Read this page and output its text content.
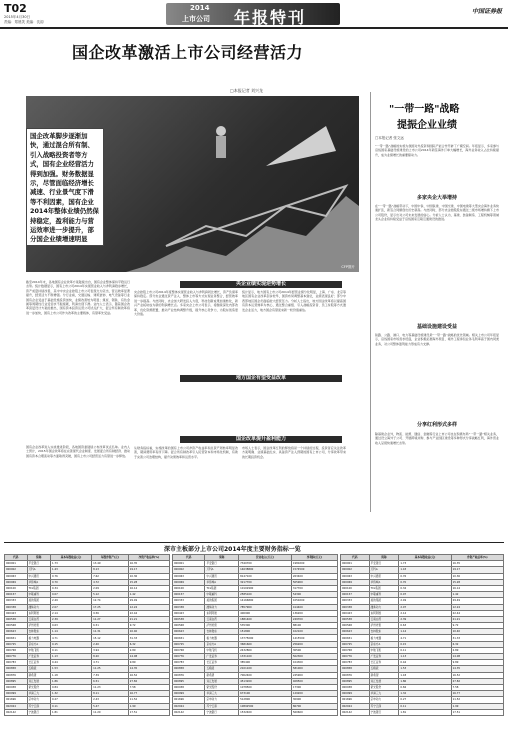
T02
2015年4月30日
责编：郑晨笑 美编：沈韵
2014
上市公司 年报特刊	中国证券报
国企改革激活上市公司经营活力
□本报记者 刘兴龙
CFP图片
国企改革脚步逐渐加快，通过混合所有制、引入战略投资者等方式，国有企业经营活力得到加强。财务数据显示，尽管面临经济增长减速、行业景气度下滑等不利因素，国有企业2014年整体业绩仍然保持稳定，盈利能力与营运效率进一步提升，部分国企业绩增速明显
央企业绩实现逆势增长
截至2014年末，各地国有企业改革方案陆续出台，国有企业整体保持平稳运行态势。统计数据显示，国有上市公司2014年实现营业收入与净利润稳步增长，资产质量持续改善，其中中央企业控股上市公司表现尤为突出，营运效率显著提升，经营活力不断增强。分行业看，交通运输、建筑装饰、电气设备等行业国有企业受益于基础设施投资加快，业绩改善较为明显；煤炭、钢铁、有色金属等周期性行业受需求不振拖累，利润出现下滑。业内人士表示，随着国企改革顶层设计方案的推出，国有资本投资运营公司试点扩大，混合所有制改革将进一步加快，国有上市公司作为改革的主要载体，有望率先受益。
央企控股上市公司2014年度整体实现营业收入与净利润同比增长，资产负债率保持稳定。部分央企通过资产注入、整体上市等方式实现业务整合，经营效率进一步提高。与此同时，央企加大研发投入力度，科技创新成果加速转化，新兴产业板块成为新的利润增长点。多家央企上市公司表示，将继续深化内部改革，优化资源配置，推动产业结构调整升级，提升核心竞争力，为股东创造更大价值。
统计显示，地方国有上市公司2014年经营业绩分化明显，上海、广东、北京等地区国有企业改革起步较早，国资布局调整基本到位，业绩表现良好；部分中西部地区国企仍面临较大经营压力。分析人士指出，地方国企改革将以提高国有资本运营效率为核心，通过整合重组、引入战略投资者、员工持股等方式激发企业活力，地方国企有望迎来新一轮价值重估。
地方国企有望受益改革
国企改革提升盈利能力
"一带一路"战略
提振企业业绩
□本报记者 张文远
“一带一路”战略的实施为我国对外投资和国际产能合作开辟了广阔空间。年报显示，多家参与沿线国家基础设施建设的上市公司2014年新签海外订单大幅增长，海外业务收入占比持续提升，成为业绩增长的重要驱动力。
多家央企大举增持
在“一带一路”战略带动下，中国中铁、中国铁建、中国交建、中国电建等大型央企海外业务快速扩张，新签合同额创出历史新高。与此同时，部分央企控股股东通过二级市场增持旗下上市公司股份，显示出对公司未来发展的信心。分析人士认为，基建、装备制造、工程机械等领域龙头企业将持续受益于沿线国家互联互通建设的推进。
基础设施建设受益
铁路、公路、港口、电力等基础设施建设是“一带一路”战略的优先领域。相关上市公司年报显示，沿线国家市场需求旺盛，企业积极拓展海外项目，境外工程承包业务毛利率高于国内同类业务，对公司整体盈利能力形成有力支撑。
分享红利形式多样
除基建企业外，物流、能源、通信、金融等行业上市公司也在积极布局“一带一路”相关业务，通过设立海外子公司、开展跨境并购、参与产业园区建设等多种形式分享战略红利，海外营业收入呈现快速增长态势。
国有企业改革进入实质推进阶段，各地国资委陆续公布改革试点名单。业内人士预计，2015年国企改革将在完善现代企业制度、发展混合所有制经济、推动国有资本合理流动等方面取得突破，国有上市公司经营活力有望进一步释放。
从财务指标看，实施改革的国有上市公司净资产收益率和总资产周转率明显改善，期间费用率有所下降。混合所有制改革引入民营资本和市场化机制，有助于完善公司治理结构，提升决策效率和运营水平。
市场人士表示，国企改革红利的释放将是一个持续的过程，投资者应关注改革方案明确、业绩基础扎实、具备资产注入预期的国有上市公司，分享改革带来的长期投资机会。
深市主板部分上市公司2014年度主要财务指标一览
代码	简称	基本每股收益(元)	每股净资产(元)	净资产收益率(%)
000001	平安银行	1.73	13.49	16.35
000002	万科A	1.43	8.13	19.17
000063	中兴通讯	0.76	7.62	10.36
000069	华侨城A	0.70	4.72	15.28
000100	TCL集团	0.34	2.09	16.14
000157	中联重科	0.07	5.12	1.42
000333	美的集团	2.49	12.74	29.49
000338	潍柴动力	2.07	17.25	12.24
000423	东阿阿胶	2.14	9.56	22.44
000538	云南白药	2.39	11.27	21.21
000568	泸州老窖	0.63	6.51	9.72
000623	吉林敖东	1.14	11.31	10.40
000651	格力电器	4.71	15.12	31.33
000725	京东方A	0.15	2.40	6.32
000768	中航飞机	0.11	3.94	2.89
000776	广发证券	1.13	8.20	14.08
000783	长江证券	0.44	4.71	9.89
000858	五粮液	1.53	11.25	14.35
000876	新希望	1.18	7.39	16.52
000895	双汇发展	1.86	6.51	27.82
000938	紫光股份	0.84	11.23	7.58
000999	华润三九	1.32	8.11	16.77
001696	宗申动力	0.27	2.43	11.52
002024	苏宁云商	0.11	5.47	1.99
002142	宁波银行	1.81	11.20	17.51
代码	简称	营业收入(万元)	净利润(万元)
000001	平安银行	7340700	1980200
000002	万科A	14638800	1574500
000063	中兴通讯	8147100	263400
000069	华侨城A	3217700	505900
000100	TCL集团	10102900	317700
000157	中联重科	2585100	54300
000333	美的集团	14166800	1050200
000338	潍柴动力	7857900	414400
000423	东阿阿胶	400900	136200
000538	云南白药	1881400	249700
000568	泸州老窖	535300	88100
000623	吉林敖东	151800	102100
000651	格力电器	13775000	1415500
000725	京东方A	3681600	256200
000768	中航飞机	2432800	30500
000776	广发证券	1331100	502300
000783	长江证券	385400	104300
000858	五粮液	2101100	581000
000876	新希望	7002400	245900
000895	双汇发展	4513200	408500
000938	紫光股份	1078500	17300
000999	华润三九	673100	129200
001696	宗申动力	512800	30900
002024	苏宁云商	10892500	86700
002142	宁波银行	1532400	560600
代码	简称	基本每股收益(元)	净资产收益率(%)
000001	平安银行	1.73	16.35
000002	万科A	1.43	19.17
000063	中兴通讯	0.76	10.36
000069	华侨城A	0.70	15.28
000100	TCL集团	0.34	16.14
000157	中联重科	0.07	1.42
000333	美的集团	2.49	29.49
000338	潍柴动力	2.07	12.24
000423	东阿阿胶	2.14	22.44
000538	云南白药	2.39	21.21
000568	泸州老窖	0.63	9.72
000623	吉林敖东	1.14	10.40
000651	格力电器	4.71	31.33
000725	京东方A	0.15	6.32
000768	中航飞机	0.11	2.89
000776	广发证券	1.13	14.08
000783	长江证券	0.44	9.89
000858	五粮液	1.53	14.35
000876	新希望	1.18	16.52
000895	双汇发展	1.86	27.82
000938	紫光股份	0.84	7.58
000999	华润三九	1.32	16.77
001696	宗申动力	0.27	11.52
002024	苏宁云商	0.11	1.99
002142	宁波银行	1.81	17.51
